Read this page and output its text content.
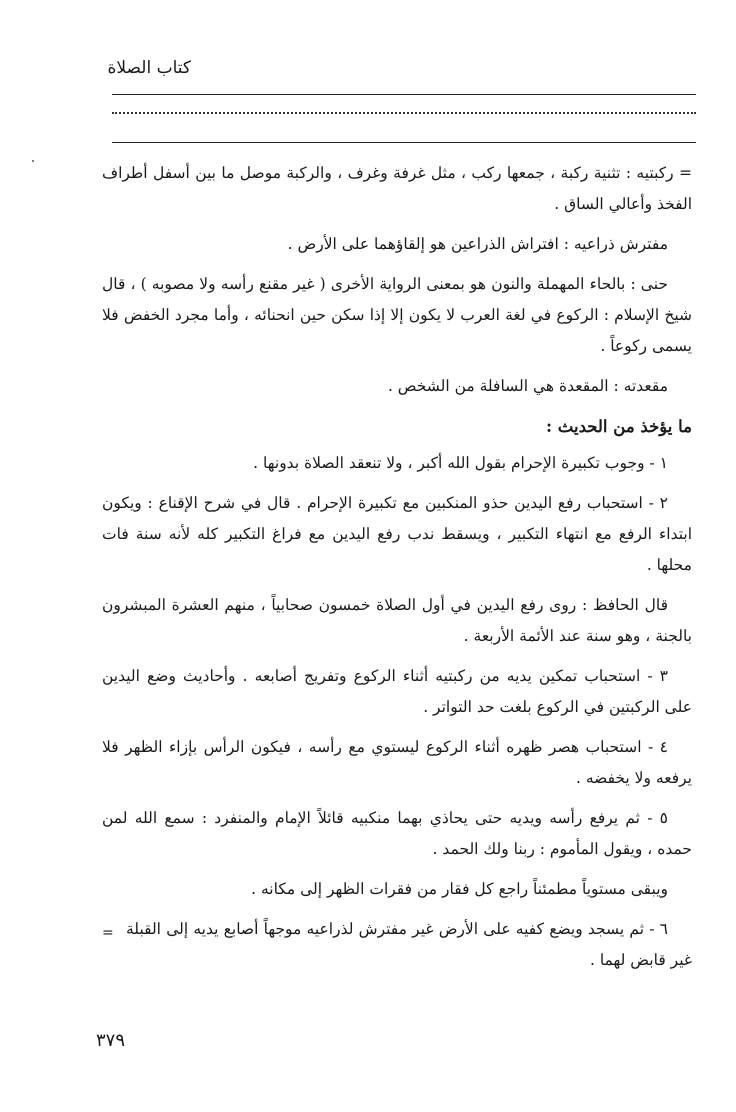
كتاب الصلاة

= ركبتيه : تثنية ركبة ، جمعها ركب ، مثل غرفة وغرف ، والركبة موصل ما بين أسفل أطراف الفخذ وأعالي الساق .

مفترش ذراعيه : افتراش الذراعين هو إلقاؤهما على الأرض .

حنى : بالحاء المهملة والنون هو بمعنى الرواية الأخرى ( غير مقنع رأسه ولا مصوبه ) ، قال شيخ الإسلام : الركوع في لغة العرب لا يكون إلا إذا سكن حين انحنائه ، وأما مجرد الخفض فلا يسمى ركوعاً .

مقعدته : المقعدة هي السافلة من الشخص .

ما يؤخذ من الحديث :

١ - وجوب تكبيرة الإحرام بقول الله أكبر ، ولا تنعقد الصلاة بدونها .

٢ - استحباب رفع اليدين حذو المنكبين مع تكبيرة الإحرام . قال في شرح الإقناع : ويكون ابتداء الرفع مع انتهاء التكبير ، ويسقط ندب رفع اليدين مع فراغ التكبير كله لأنه سنة فات محلها .

قال الحافظ : روى رفع اليدين في أول الصلاة خمسون صحابياً ، منهم العشرة المبشرون بالجنة ، وهو سنة عند الأئمة الأربعة .

٣ - استحباب تمكين يديه من ركبتيه أثناء الركوع وتفريج أصابعه . وأحاديث وضع اليدين على الركبتين في الركوع بلغت حد التواتر .

٤ - استحباب هصر ظهره أثناء الركوع ليستوي مع رأسه ، فيكون الرأس بإزاء الظهر فلا يرفعه ولا يخفضه .

٥ - ثم يرفع رأسه ويديه حتى يحاذي بهما منكبيه قائلاً الإمام والمنفرد : سمع الله لمن حمده ، ويقول المأموم : ربنا ولك الحمد .

ويبقى مستوياً مطمئناً راجع كل فقار من فقرات الظهر إلى مكانه .

٦ - ثم يسجد ويضع كفيه على الأرض غير مفترش لذراعيه موجهاً أصابع يديه إلى القبلة غير قابض لهما .

=
٣٧٩
